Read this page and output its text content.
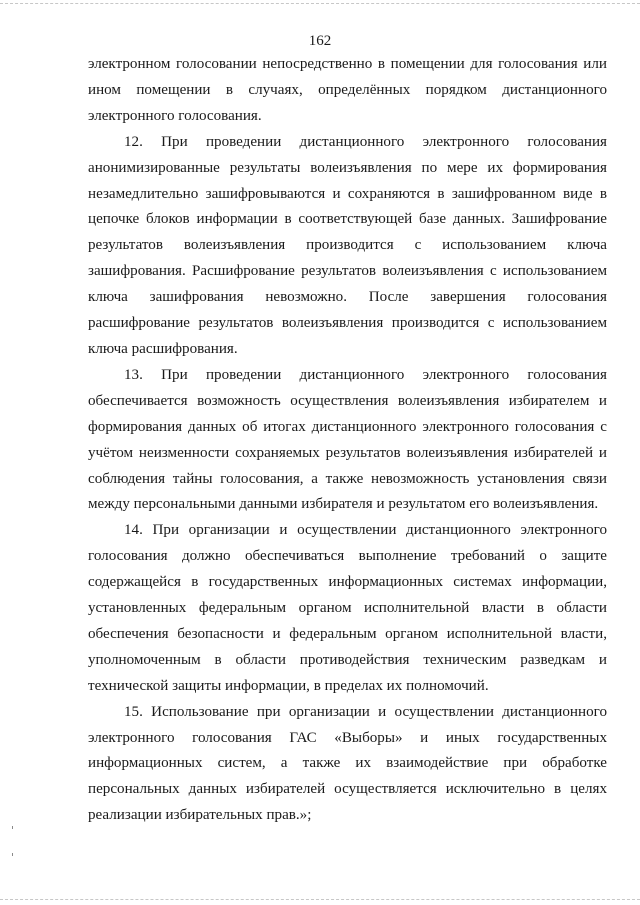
162

электронном голосовании непосредственно в помещении для голосования или ином помещении в случаях, определённых порядком дистанционного электронного голосования.

12. При проведении дистанционного электронного голосования анонимизированные результаты волеизъявления по мере их формирования незамедлительно зашифровываются и сохраняются в зашифрованном виде в цепочке блоков информации в соответствующей базе данных. Зашифрование результатов волеизъявления производится с использованием ключа зашифрования. Расшифрование результатов волеизъявления с использованием ключа зашифрования невозможно. После завершения голосования расшифрование результатов волеизъявления производится с использованием ключа расшифрования.

13. При проведении дистанционного электронного голосования обеспечивается возможность осуществления волеизъявления избирателем и формирования данных об итогах дистанционного электронного голосования с учётом неизменности сохраняемых результатов волеизъявления избирателей и соблюдения тайны голосования, а также невозможность установления связи между персональными данными избирателя и результатом его волеизъявления.

14. При организации и осуществлении дистанционного электронного голосования должно обеспечиваться выполнение требований о защите содержащейся в государственных информационных системах информации, установленных федеральным органом исполнительной власти в области обеспечения безопасности и федеральным органом исполнительной власти, уполномоченным в области противодействия техническим разведкам и технической защиты информации, в пределах их полномочий.

15. Использование при организации и осуществлении дистанционного электронного голосования ГАС «Выборы» и иных государственных информационных систем, а также их взаимодействие при обработке персональных данных избирателей осуществляется исключительно в целях реализации избирательных прав.»;
